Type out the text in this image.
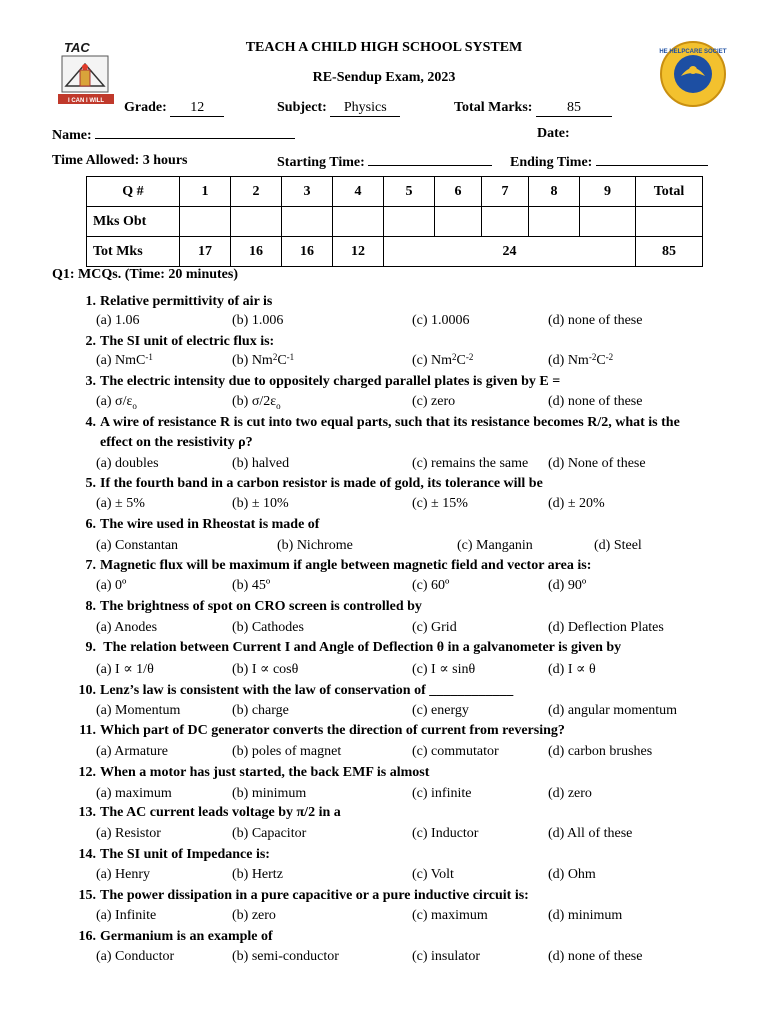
TAC
I CAN I WILL
THE HELPCARE SOCIETY
TEACH A CHILD HIGH SCHOOL SYSTEM
RE-Sendup Exam, 2023
Grade: 12	Subject: Physics	Total Marks: 85
Name:	Date:
Time Allowed: 3 hours	Starting Time:	Ending Time:
Q #	1	2	3	4	5	6	7	8	9	Total
Mks Obt										
Tot Mks	17	16	16	12	24					85
Q1: MCQs. (Time: 20 minutes)
1. Relative permittivity of air is
(a) 1.06	(b) 1.006	(c) 1.0006	(d) none of these
2. The SI unit of electric flux is:
(a) NmC$^{-1}$	(b) $Nm^2C^{-1}$	(c) $Nm^2C^{-2}$	(d) $Nm^{-2}C^{-2}$
3. The electric intensity due to oppositely charged parallel plates is given by E =
(a) $\sigma/\varepsilon_o$	(b) $\sigma/2\varepsilon_o$	(c) zero	(d) none of these
4. A wire of resistance R is cut into two equal parts, such that its resistance becomes R/2, what is the
effect on the resistivity ρ?
(a) doubles	(b) halved	(c) remains the same (d) None of these
5. If the fourth band in a carbon resistor is made of gold, its tolerance will be
(a) ± 5%	(b) ± 10%	(c) ± 15%	(d) ± 20%
6. The wire used in Rheostat is made of
(a) Constantan	(b) Nichrome	(c) Manganin	(d) Steel
7. Magnetic flux will be maximum if angle between magnetic field and vector area is:
(a) 0º	(b) 45º	(c) 60º	(d) 90º
8. The brightness of spot on CRO screen is controlled by
(a) Anodes	(b) Cathodes	(c) Grid	(d) Deflection Plates
9. The relation between Current I and Angle of Deflection θ in a galvanometer is given by
(a) I ∝ 1/θ	(b) I ∝ cosθ	(c) I ∝ sinθ	(d) I ∝ θ
10. Lenz’s law is consistent with the law of conservation of ____________
(a) Momentum	(b) charge	(c) energy	(d) angular momentum
11. Which part of DC generator converts the direction of current from reversing?
(a) Armature	(b) poles of magnet	(c) commutator	(d) carbon brushes
12. When a motor has just started, the back EMF is almost
(a) maximum	(b) minimum	(c) infinite	(d) zero
13. The AC current leads voltage by π/2 in a
(a) Resistor	(b) Capacitor	(c) Inductor	(d) All of these
14. The SI unit of Impedance is:
(a) Henry	(b) Hertz	(c) Volt	(d) Ohm
15. The power dissipation in a pure capacitive or a pure inductive circuit is:
(a) Infinite	(b) zero	(c) maximum	(d) minimum
16. Germanium is an example of
(a) Conductor	(b) semi-conductor	(c) insulator	(d) none of these
